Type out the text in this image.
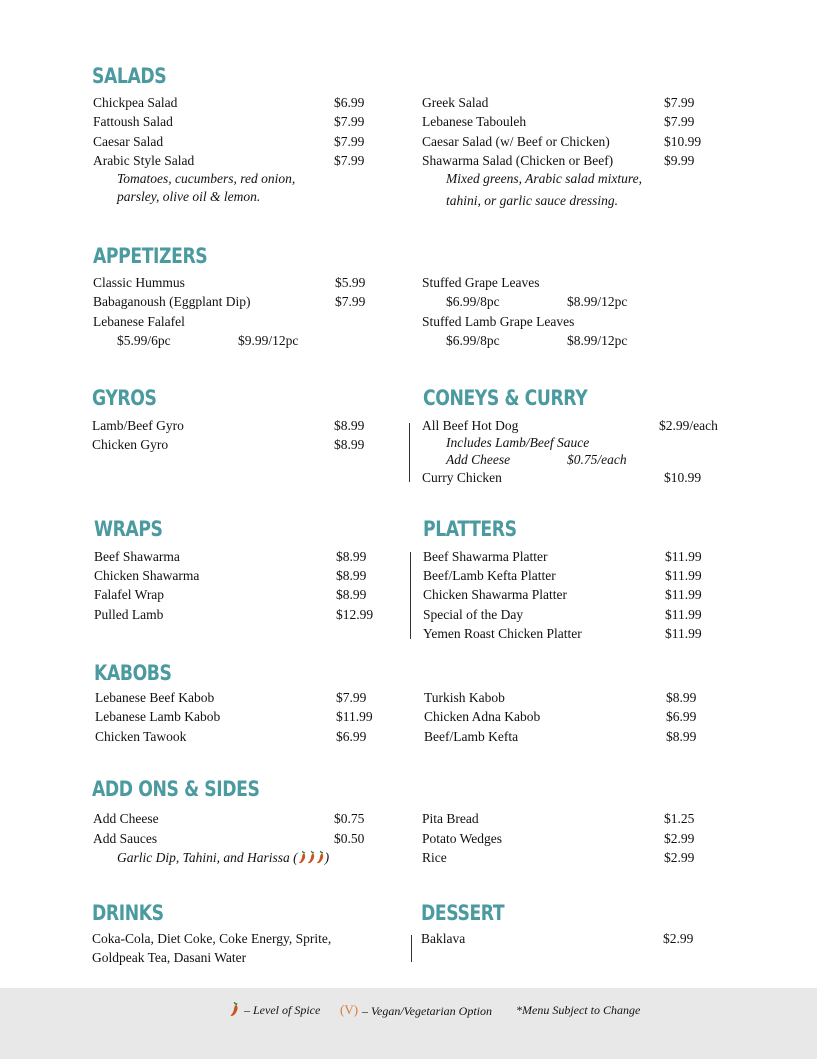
SALADS
Chickpea Salad	$6.99
Fattoush Salad	$7.99
Caesar Salad	$7.99
Arabic Style Salad	$7.99
Tomatoes, cucumbers, red onion,
parsley, olive oil & lemon.
Greek Salad	$7.99
Lebanese Tabouleh	$7.99
Caesar Salad (w/ Beef or Chicken)	$10.99
Shawarma Salad (Chicken or Beef)	$9.99
Mixed greens, Arabic salad mixture,
tahini, or garlic sauce dressing.
APPETIZERS
Classic Hummus	$5.99
Babaganoush (Eggplant Dip)	$7.99
Lebanese Falafel
$5.99/6pc	$9.99/12pc
Stuffed Grape Leaves
$6.99/8pc	$8.99/12pc
Stuffed Lamb Grape Leaves
$6.99/8pc	$8.99/12pc
GYROS
Lamb/Beef Gyro	$8.99
Chicken Gyro	$8.99
CONEYS & CURRY
All Beef Hot Dog	$2.99/each
Includes Lamb/Beef Sauce
Add Cheese	$0.75/each
Curry Chicken	$10.99
WRAPS
Beef Shawarma	$8.99
Chicken Shawarma	$8.99
Falafel Wrap	$8.99
Pulled Lamb	$12.99
PLATTERS
Beef Shawarma Platter	$11.99
Beef/Lamb Kefta Platter	$11.99
Chicken Shawarma Platter	$11.99
Special of the Day	$11.99
Yemen Roast Chicken Platter	$11.99
KABOBS
Lebanese Beef Kabob	$7.99
Lebanese Lamb Kabob	$11.99
Chicken Tawook	$6.99
Turkish Kabob	$8.99
Chicken Adna Kabob	$6.99
Beef/Lamb Kefta	$8.99
ADD ONS & SIDES
Add Cheese	$0.75
Add Sauces	$0.50
Garlic Dip, Tahini, and Harissa ( )
Pita Bread	$1.25
Potato Wedges	$2.99
Rice	$2.99
DRINKS
Coka-Cola, Diet Coke, Coke Energy, Sprite,
Goldpeak Tea, Dasani Water
DESSERT
Baklava	$2.99
– Level of Spice (V) – Vegan/Vegetarian Option *Menu Subject to Change
